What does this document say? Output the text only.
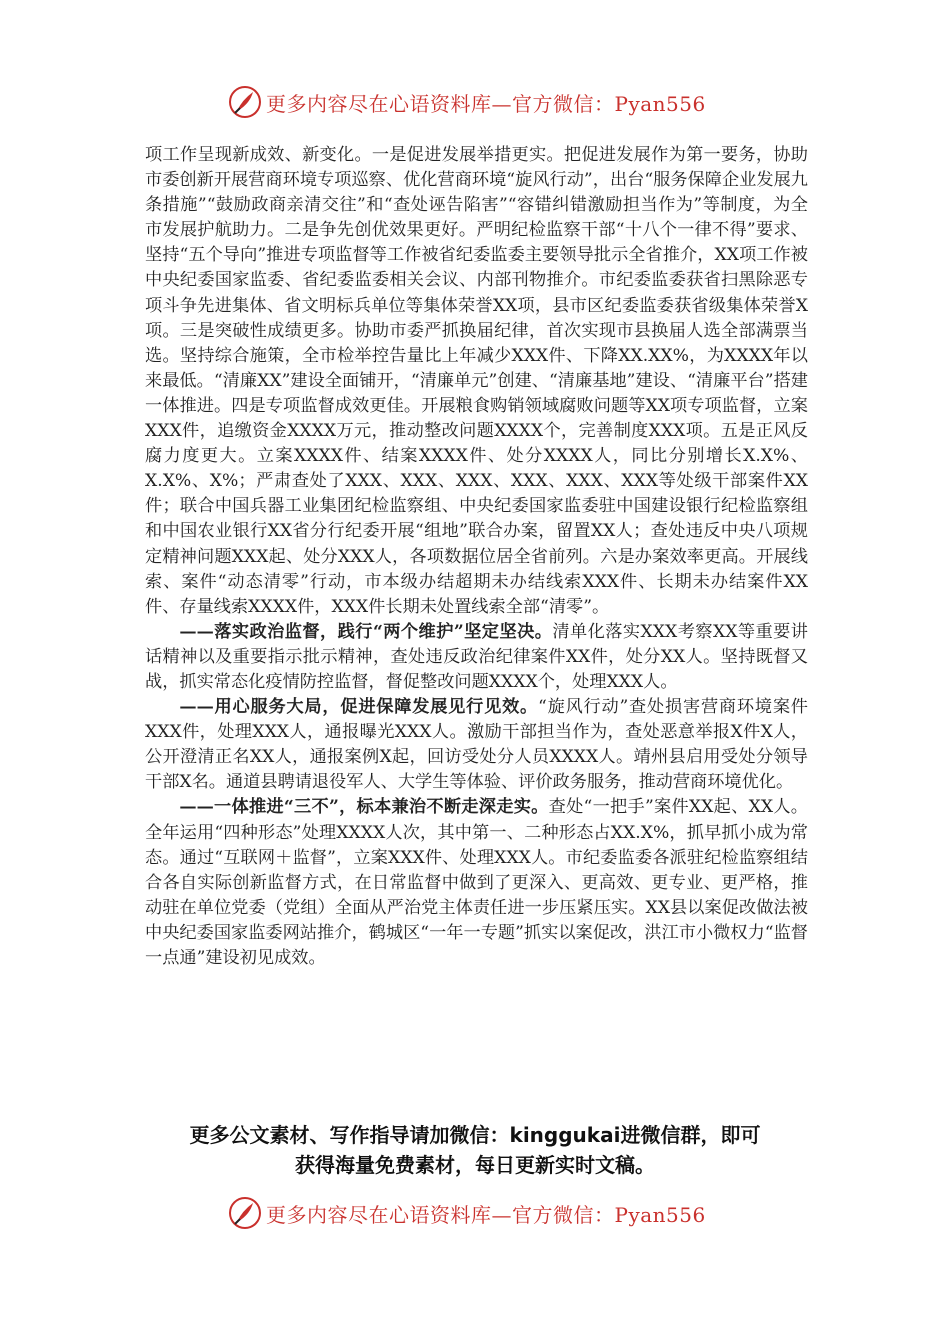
更多内容尽在心语资料库—官方微信：Pyan556

项工作呈现新成效、新变化。一是促进发展举措更实。把促进发展作为第一要务，协助市委创新开展营商环境专项巡察、优化营商环境“旋风行动”，出台“服务保障企业发展九条措施”“鼓励政商亲清交往”和“查处诬告陷害”“容错纠错激励担当作为”等制度，为全市发展护航助力。二是争先创优效果更好。严明纪检监察干部“十八个一律不得”要求、坚持“五个导向”推进专项监督等工作被省纪委监委主要领导批示全省推介，XX项工作被中央纪委国家监委、省纪委监委相关会议、内部刊物推介。市纪委监委获省扫黑除恶专项斗争先进集体、省文明标兵单位等集体荣誉XX项，县市区纪委监委获省级集体荣誉X项。三是突破性成绩更多。协助市委严抓换届纪律，首次实现市县换届人选全部满票当选。坚持综合施策，全市检举控告量比上年减少XXX件、下降XX.XX%，为XXXX年以来最低。“清廉XX”建设全面铺开，“清廉单元”创建、“清廉基地”建设、“清廉平台”搭建一体推进。四是专项监督成效更佳。开展粮食购销领域腐败问题等XX项专项监督，立案XXX件，追缴资金XXXX万元，推动整改问题XXXX个，完善制度XXX项。五是正风反腐力度更大。立案XXXX件、结案XXXX件、处分XXXX人，同比分别增长X.X%、X.X%、X%；严肃查处了XXX、XXX、XXX、XXX、XXX、XXX等处级干部案件XX件；联合中国兵器工业集团纪检监察组、中央纪委国家监委驻中国建设银行纪检监察组和中国农业银行XX省分行纪委开展“组地”联合办案，留置XX人；查处违反中央八项规定精神问题XXX起、处分XXX人，各项数据位居全省前列。六是办案效率更高。开展线索、案件“动态清零”行动，市本级办结超期未办结线索XXX件、长期未办结案件XX件、存量线索XXXX件，XXX件长期未处置线索全部“清零”。

——落实政治监督，践行“两个维护”坚定坚决。清单化落实XXX考察XX等重要讲话精神以及重要指示批示精神，查处违反政治纪律案件XX件，处分XX人。坚持既督又战，抓实常态化疫情防控监督，督促整改问题XXXX个，处理XXX人。

——用心服务大局，促进保障发展见行见效。“旋风行动”查处损害营商环境案件XXX件，处理XXX人，通报曝光XXX人。激励干部担当作为，查处恶意举报X件X人，公开澄清正名XX人，通报案例X起，回访受处分人员XXXX人。靖州县启用受处分领导干部X名。通道县聘请退役军人、大学生等体验、评价政务服务，推动营商环境优化。

——一体推进“三不”，标本兼治不断走深走实。查处“一把手”案件XX起、XX人。全年运用“四种形态”处理XXXX人次，其中第一、二种形态占XX.X%，抓早抓小成为常态。通过“互联网＋监督”，立案XXX件、处理XXX人。市纪委监委各派驻纪检监察组结合各自实际创新监督方式，在日常监督中做到了更深入、更高效、更专业、更严格，推动驻在单位党委（党组）全面从严治党主体责任进一步压紧压实。XX县以案促改做法被中央纪委国家监委网站推介，鹤城区“一年一专题”抓实以案促改，洪江市小微权力“监督一点通”建设初见成效。

更多公文素材、写作指导请加微信：kinggukai进微信群，即可
获得海量免费素材，每日更新实时文稿。
更多内容尽在心语资料库—官方微信：Pyan556
